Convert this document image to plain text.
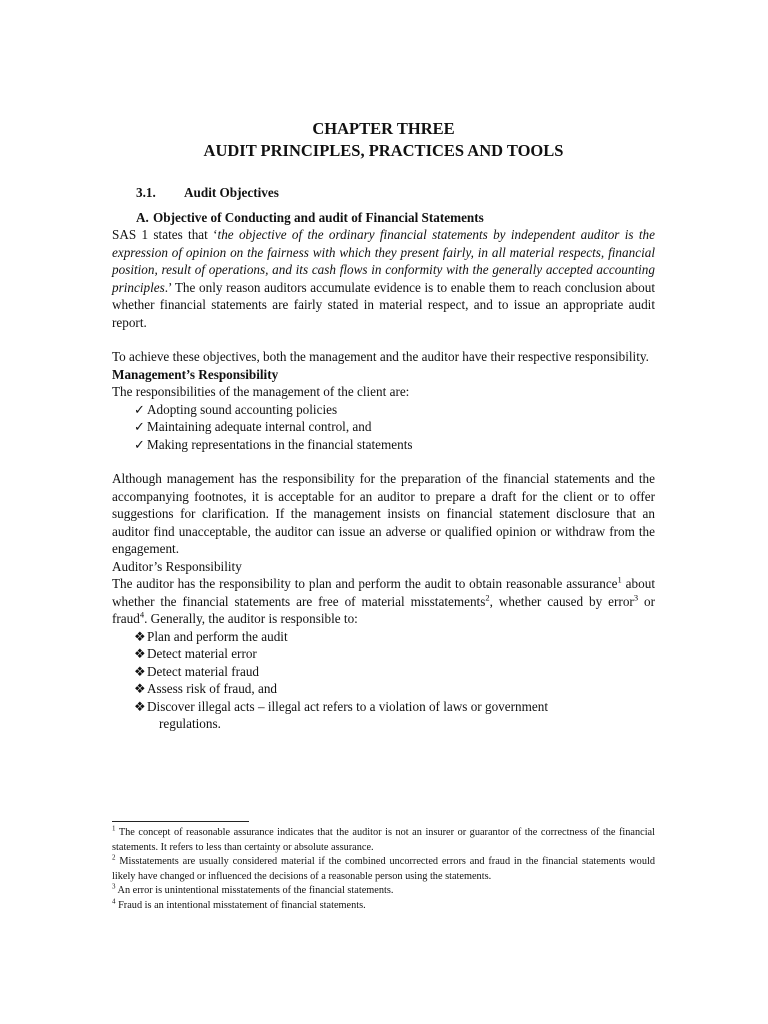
CHAPTER THREE
AUDIT PRINCIPLES, PRACTICES AND TOOLS
3.1. Audit Objectives
A. Objective of Conducting and audit of Financial Statements

SAS 1 states that ‘the objective of the ordinary financial statements by independent auditor is the expression of opinion on the fairness with which they present fairly, in all material respects, financial position, result of operations, and its cash flows in conformity with the generally accepted accounting principles.’ The only reason auditors accumulate evidence is to enable them to reach conclusion about whether financial statements are fairly stated in material respect, and to issue an appropriate audit report.

To achieve these objectives, both the management and the auditor have their respective responsibility.

Management’s Responsibility
The responsibilities of the management of the client are:
✓ Adopting sound accounting policies
✓ Maintaining adequate internal control, and
✓ Making representations in the financial statements

Although management has the responsibility for the preparation of the financial statements and the accompanying footnotes, it is acceptable for an auditor to prepare a draft for the client or to offer suggestions for clarification. If the management insists on financial statement disclosure that an auditor find unacceptable, the auditor can issue an adverse or qualified opinion or withdraw from the engagement.

Auditor’s Responsibility

The auditor has the responsibility to plan and perform the audit to obtain reasonable assurance$^1$ about whether the financial statements are free of material misstatements$^2$, whether caused by error$^3$ or fraud$^4$. Generally, the auditor is responsible to:

❖ Plan and perform the audit
❖ Detect material error
❖ Detect material fraud
❖ Assess risk of fraud, and
❖ Discover illegal acts – illegal act refers to a violation of laws or government
regulations.

$^1$ The concept of reasonable assurance indicates that the auditor is not an insurer or guarantor of the correctness of the financial statements. It refers to less than certainty or absolute assurance.

$^2$ Misstatements are usually considered material if the combined uncorrected errors and fraud in the financial statements would likely have changed or influenced the decisions of a reasonable person using the statements.

$^3$ An error is unintentional misstatements of the financial statements.

$^4$ Fraud is an intentional misstatement of financial statements.
